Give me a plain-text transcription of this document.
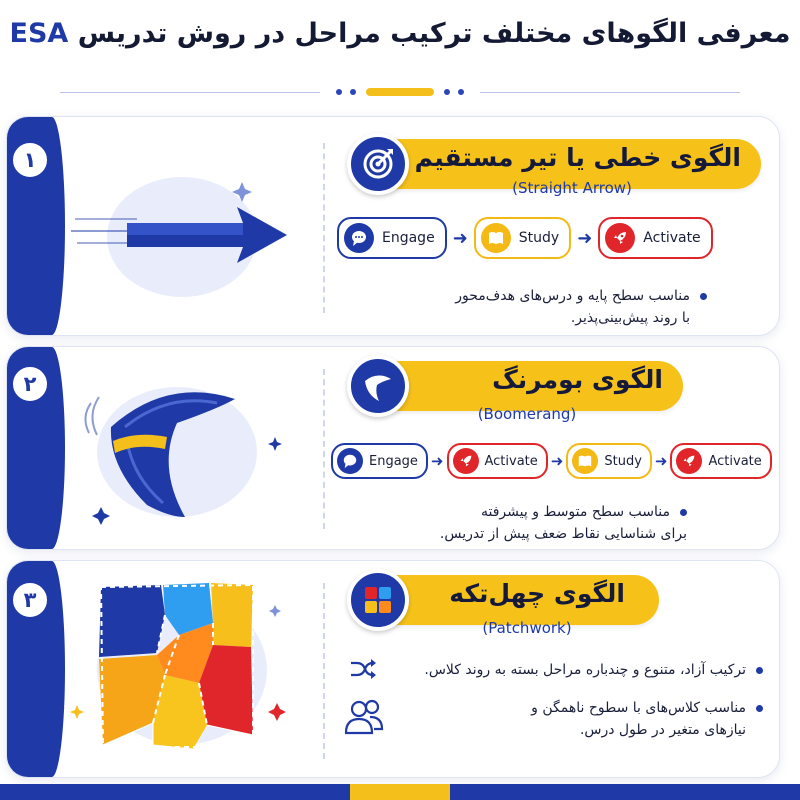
معرفی الگوهای مختلف ترکیب مراحل در روش تدریس ESA
الگوی خطی یا تیر مستقیم
(Straight Arrow)
Engage ➜	Study ➜	Activate
مناسب سطح پایه و درس‌های هدف‌محور
با روند پیش‌بینی‌پذیر.
۱
الگوی بومرنگ
(Boomerang)
Engage ➜	Activate ➜	Study ➜	Activate
مناسب سطح متوسط و پیشرفته
برای شناسایی نقاط ضعف پیش از تدریس.
۲
الگوی چهل‌تکه
(Patchwork)
ترکیب آزاد، متنوع و چندباره مراحل بسته به روند کلاس.
مناسب کلاس‌های با سطوح ناهمگن و
نیازهای متغیر در طول درس.
۳
